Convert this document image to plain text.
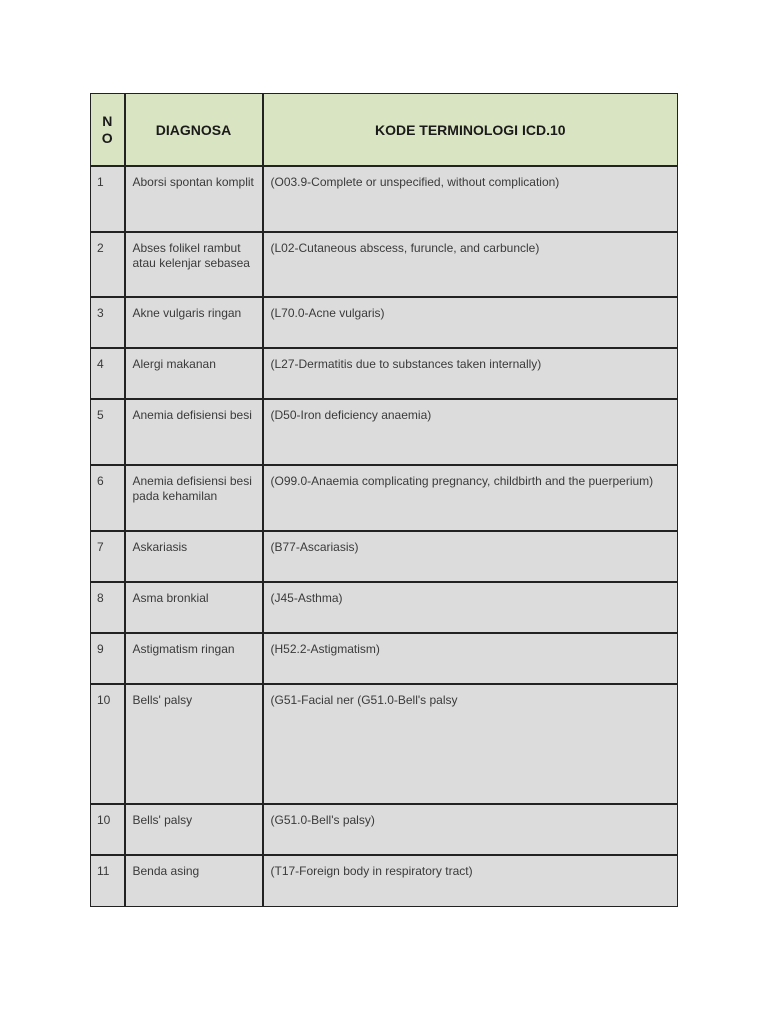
N
O	DIAGNOSA	KODE TERMINOLOGI ICD.10

1	Aborsi spontan komplit	(O03.9-Complete or unspecified, without complication)

2	Abses folikel rambut atau kelenjar sebasea	(L02-Cutaneous abscess, furuncle, and carbuncle)

3	Akne vulgaris ringan	(L70.0-Acne vulgaris)

4	Alergi makanan	(L27-Dermatitis due to substances taken internally)

5	Anemia defisiensi besi	(D50-Iron deficiency anaemia)

6	Anemia defisiensi besi pada kehamilan	(O99.0-Anaemia complicating pregnancy, childbirth and the puerperium)

7	Askariasis	(B77-Ascariasis)

8	Asma bronkial	(J45-Asthma)

9	Astigmatism ringan	(H52.2-Astigmatism)

10	Bells' palsy	(G51-Facial ner (G51.0-Bell's palsy

10	Bells' palsy	(G51.0-Bell's palsy)

11	Benda asing	(T17-Foreign body in respiratory tract)
